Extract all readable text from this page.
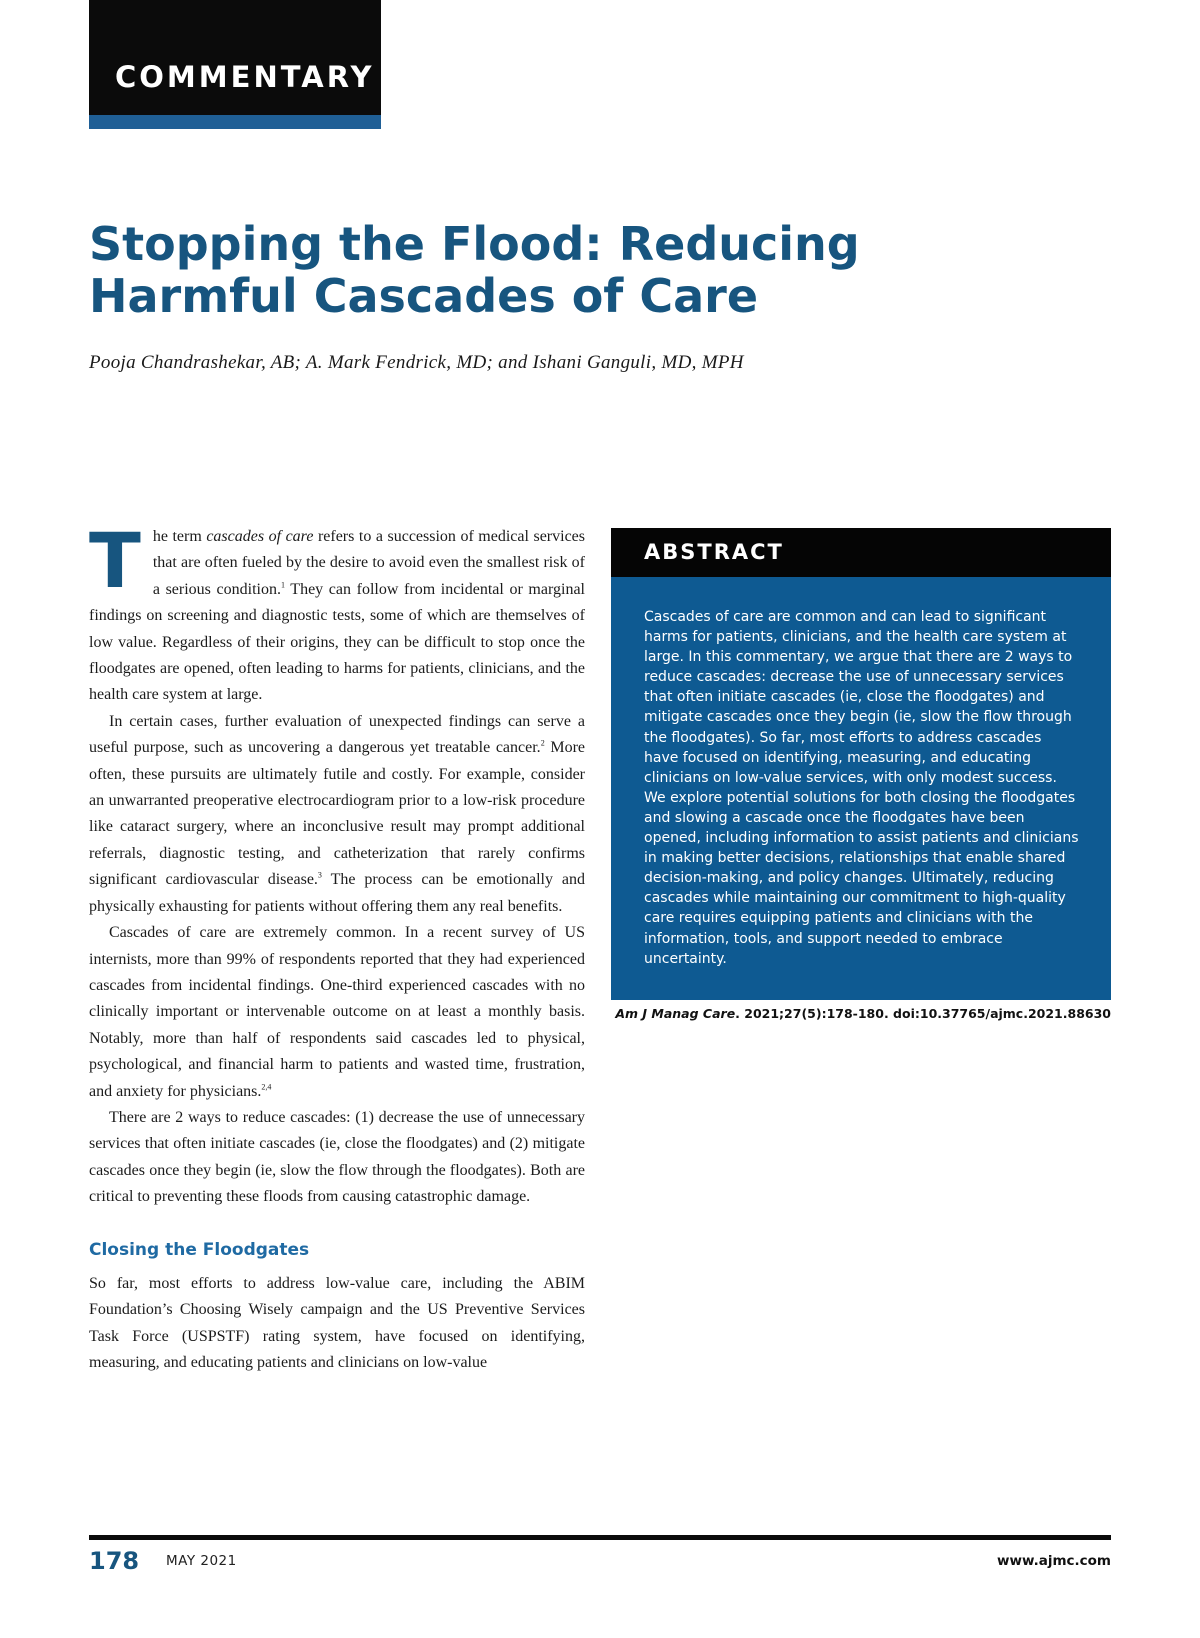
COMMENTARY
Stopping the Flood: Reducing Harmful Cascades of Care

Pooja Chandrashekar, AB; A. Mark Fendrick, MD; and Ishani Ganguli, MD, MPH

The term cascades of care refers to a succession of medical services that are often fueled by the desire to avoid even the smallest risk of a serious condition.$^1$ They can follow from incidental or marginal findings on screening and diagnostic tests, some of which are themselves of low value. Regardless of their origins, they can be difficult to stop once the floodgates are opened, often leading to harms for patients, clinicians, and the health care system at large.

In certain cases, further evaluation of unexpected findings can serve a useful purpose, such as uncovering a dangerous yet treatable cancer.$^2$ More often, these pursuits are ultimately futile and costly. For example, consider an unwarranted preoperative electrocardiogram prior to a low-risk procedure like cataract surgery, where an inconclusive result may prompt additional referrals, diagnostic testing, and catheterization that rarely confirms significant cardiovascular disease.$^3$ The process can be emotionally and physically exhausting for patients without offering them any real benefits.

Cascades of care are extremely common. In a recent survey of US internists, more than 99% of respondents reported that they had experienced cascades from incidental findings. One-third experienced cascades with no clinically important or intervenable outcome on at least a monthly basis. Notably, more than half of respondents said cascades led to physical, psychological, and financial harm to patients and wasted time, frustration, and anxiety for physicians.$^{2,4}$

There are 2 ways to reduce cascades: (1) decrease the use of unnecessary services that often initiate cascades (ie, close the floodgates) and (2) mitigate cascades once they begin (ie, slow the flow through the floodgates). Both are critical to preventing these floods from causing catastrophic damage.

Closing the Floodgates

So far, most efforts to address low-value care, including the ABIM Foundation’s Choosing Wisely campaign and the US Preventive Services Task Force (USPSTF) rating system, have focused on identifying, measuring, and educating patients and clinicians on low-value

ABSTRACT
Cascades of care are common and can lead to significant harms for patients, clinicians, and the health care system at large. In this commentary, we argue that there are 2 ways to reduce cascades: decrease the use of unnecessary services that often initiate cascades (ie, close the floodgates) and mitigate cascades once they begin (ie, slow the flow through the floodgates). So far, most efforts to address cascades have focused on identifying, measuring, and educating clinicians on low-value services, with only modest success. We explore potential solutions for both closing the floodgates and slowing a cascade once the floodgates have been opened, including information to assist patients and clinicians in making better decisions, relationships that enable shared decision-making, and policy changes. Ultimately, reducing cascades while maintaining our commitment to high-quality care requires equipping patients and clinicians with the information, tools, and support needed to embrace uncertainty.
Am J Manag Care. 2021;27(5):178-180. doi:10.37765/ajmc.2021.88630
178 MAY 2021	www.ajmc.com
